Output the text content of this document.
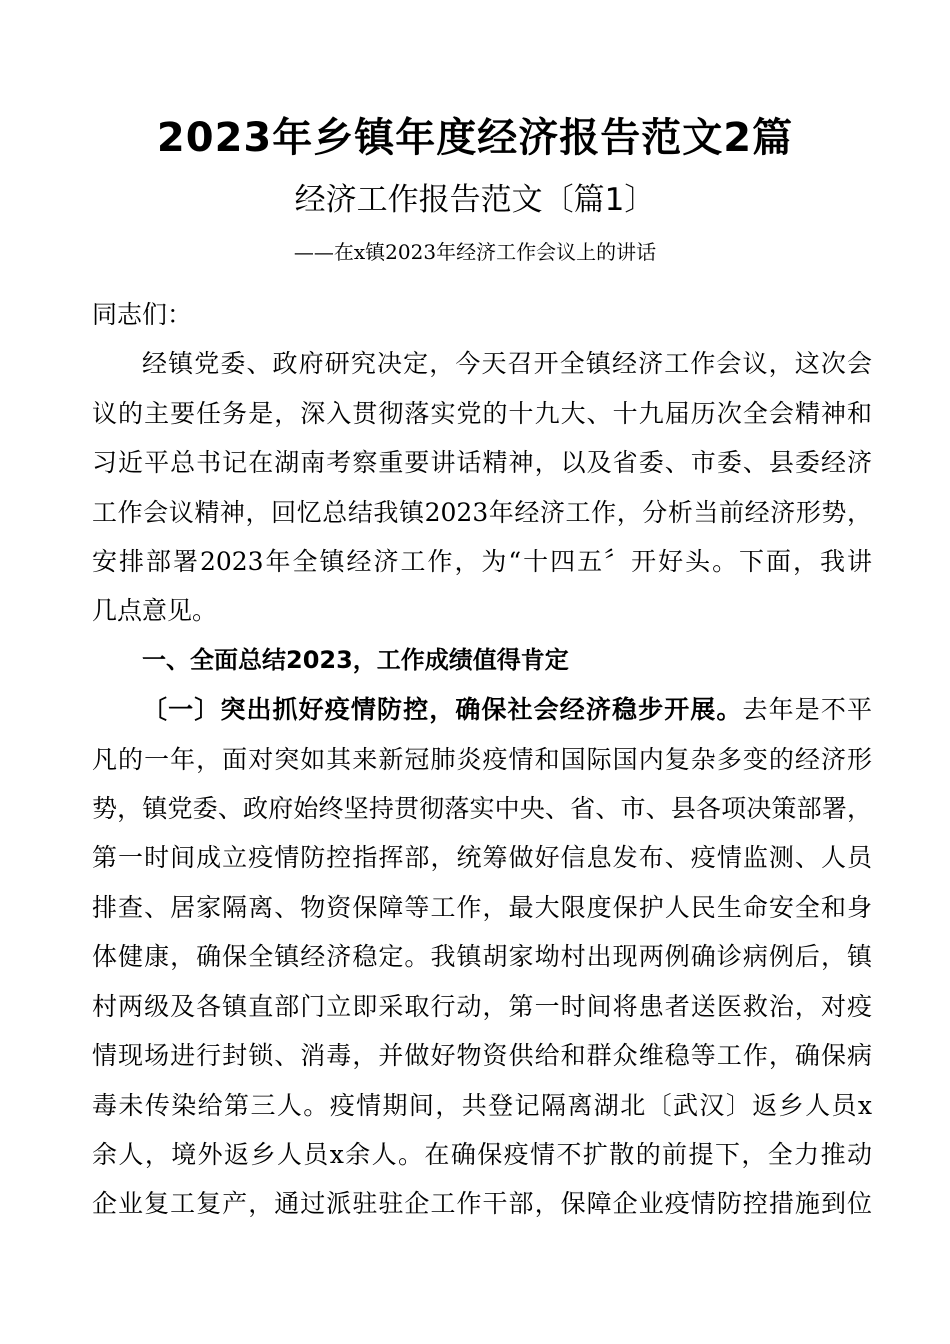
2023年乡镇年度经济报告范文2篇
经济工作报告范文〔篇1〕
——在x镇2023年经济工作会议上的讲话

同志们：

经镇党委、政府研究决定，今天召开全镇经济工作会议，这次会
议的主要任务是，深入贯彻落实党的十九大、十九届历次全会精神和
习近平总书记在湖南考察重要讲话精神，以及省委、市委、县委经济
工作会议精神，回忆总结我镇2023年经济工作，分析当前经济形势，
安排部署2023年全镇经济工作，为“十四五〞开好头。下面，我讲
几点意见。

一、全面总结2023，工作成绩值得肯定

〔一〕突出抓好疫情防控，确保社会经济稳步开展。去年是不平
凡的一年，面对突如其来新冠肺炎疫情和国际国内复杂多变的经济形
势，镇党委、政府始终坚持贯彻落实中央、省、市、县各项决策部署，
第一时间成立疫情防控指挥部，统筹做好信息发布、疫情监测、人员
排查、居家隔离、物资保障等工作，最大限度保护人民生命安全和身
体健康，确保全镇经济稳定。我镇胡家坳村出现两例确诊病例后，镇
村两级及各镇直部门立即采取行动，第一时间将患者送医救治，对疫
情现场进行封锁、消毒，并做好物资供给和群众维稳等工作，确保病
毒未传染给第三人。疫情期间，共登记隔离湖北〔武汉〕返乡人员x
余人，境外返乡人员x余人。在确保疫情不扩散的前提下，全力推动
企业复工复产，通过派驻驻企工作干部，保障企业疫情防控措施到位
